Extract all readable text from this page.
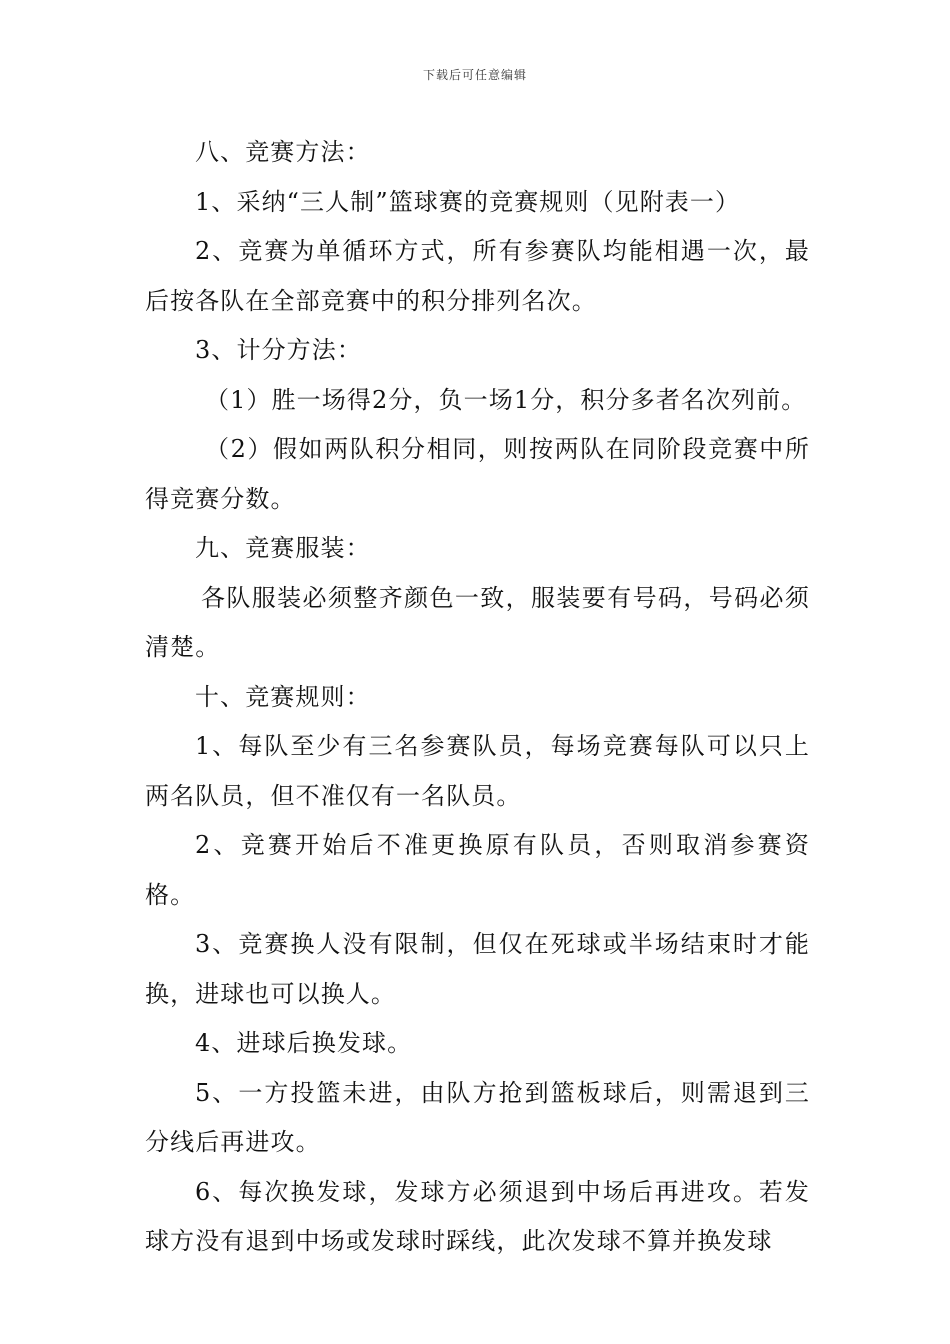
下载后可任意编辑

八、竞赛方法：

1、采纳“三人制”篮球赛的竞赛规则（见附表一）

2、竞赛为单循环方式，所有参赛队均能相遇一次，最后按各队在全部竞赛中的积分排列名次。

3、计分方法：

（1）胜一场得2分，负一场1分，积分多者名次列前。

（2）假如两队积分相同，则按两队在同阶段竞赛中所得竞赛分数。

九、竞赛服装：

各队服装必须整齐颜色一致，服装要有号码，号码必须清楚。

十、竞赛规则：

1、每队至少有三名参赛队员，每场竞赛每队可以只上两名队员，但不准仅有一名队员。

2、竞赛开始后不准更换原有队员，否则取消参赛资格。

3、竞赛换人没有限制，但仅在死球或半场结束时才能换，进球也可以换人。

4、进球后换发球。

5、一方投篮未进，由队方抢到篮板球后，则需退到三分线后再进攻。

6、每次换发球，发球方必须退到中场后再进攻。若发球方没有退到中场或发球时踩线，此次发球不算并换发球
